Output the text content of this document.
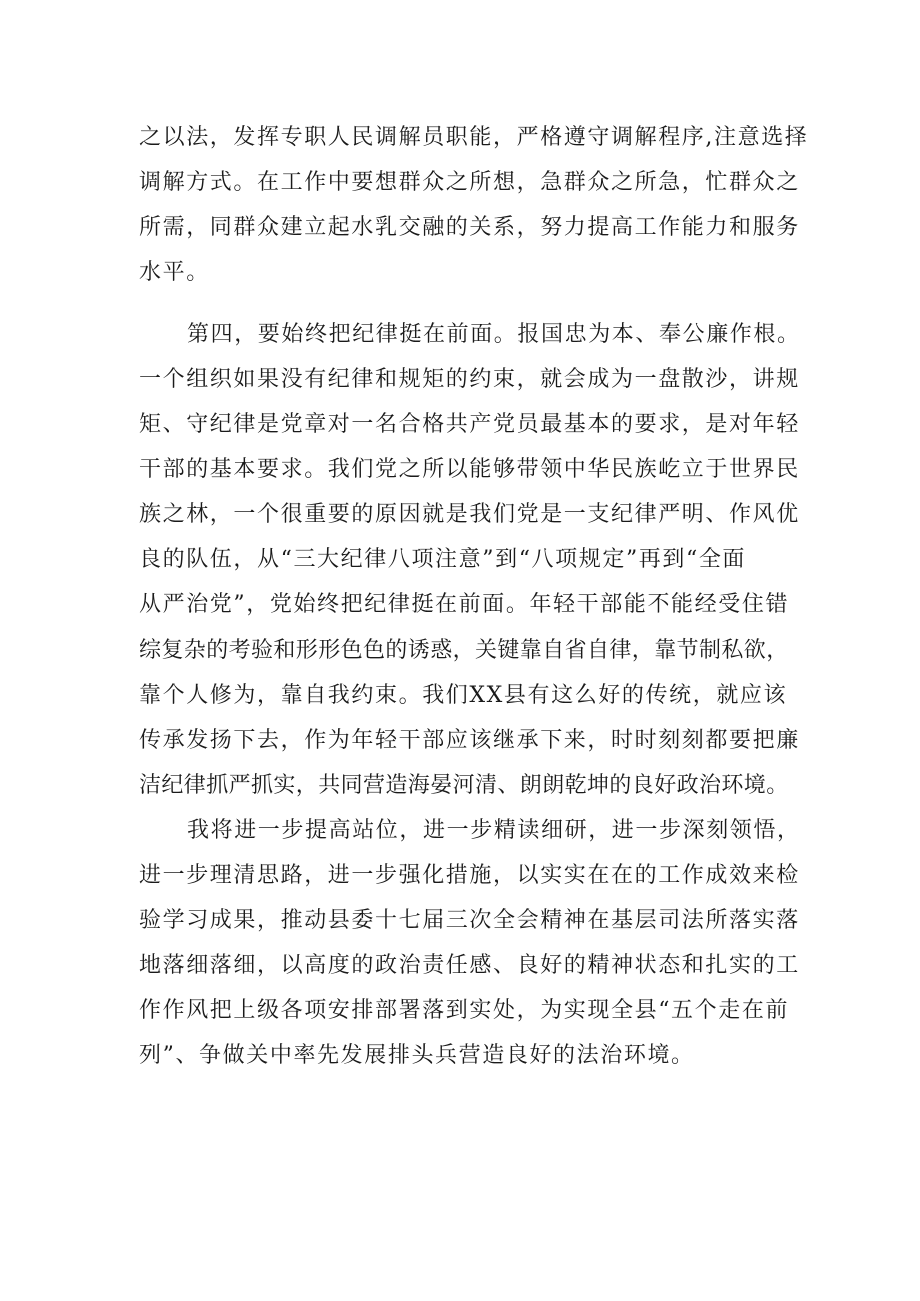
之以法，发挥专职人民调解员职能，严格遵守调解程序,注意选择
调解方式。在工作中要想群众之所想，急群众之所急，忙群众之
所需，同群众建立起水乳交融的关系，努力提高工作能力和服务
水平。
第四，要始终把纪律挺在前面。报国忠为本、奉公廉作根。
一个组织如果没有纪律和规矩的约束，就会成为一盘散沙，讲规
矩、守纪律是党章对一名合格共产党员最基本的要求，是对年轻
干部的基本要求。我们党之所以能够带领中华民族屹立于世界民
族之林，一个很重要的原因就是我们党是一支纪律严明、作风优
良的队伍，从“三大纪律八项注意”到“八项规定”再到“全面
从严治党”，党始终把纪律挺在前面。年轻干部能不能经受住错
综复杂的考验和形形色色的诱惑，关键靠自省自律，靠节制私欲，
靠个人修为，靠自我约束。我们XX县有这么好的传统，就应该
传承发扬下去，作为年轻干部应该继承下来，时时刻刻都要把廉
洁纪律抓严抓实，共同营造海晏河清、朗朗乾坤的良好政治环境。
我将进一步提高站位，进一步精读细研，进一步深刻领悟，
进一步理清思路，进一步强化措施，以实实在在的工作成效来检
验学习成果，推动县委十七届三次全会精神在基层司法所落实落
地落细落细，以高度的政治责任感、良好的精神状态和扎实的工
作作风把上级各项安排部署落到实处，为实现全县“五个走在前
列”、争做关中率先发展排头兵营造良好的法治环境。
